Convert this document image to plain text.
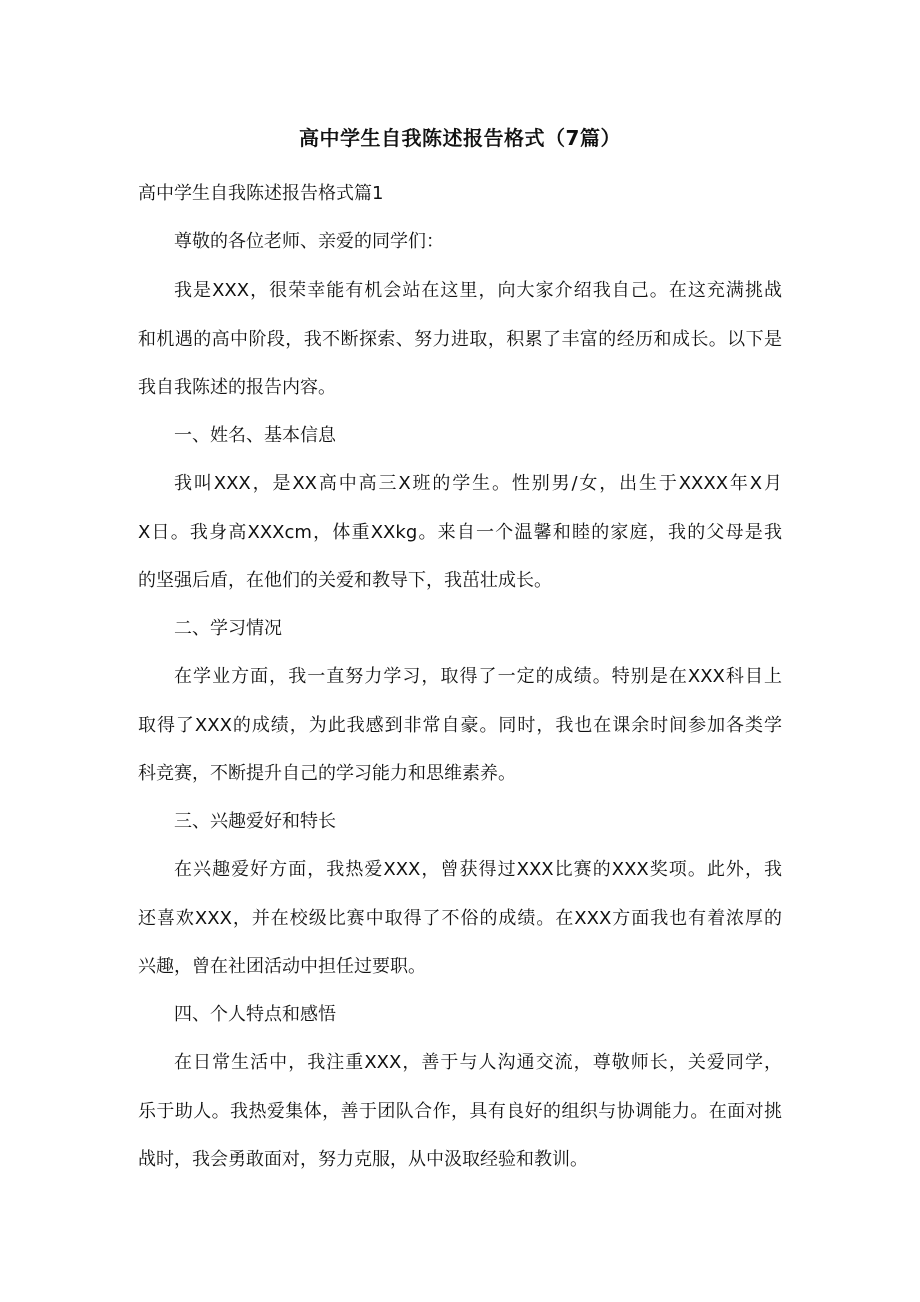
高中学生自我陈述报告格式（7篇）
高中学生自我陈述报告格式篇1
尊敬的各位老师、亲爱的同学们：
我是XXX，很荣幸能有机会站在这里，向大家介绍我自己。在这充满挑战
和机遇的高中阶段，我不断探索、努力进取，积累了丰富的经历和成长。以下是
我自我陈述的报告内容。
一、姓名、基本信息
我叫XXX，是XX高中高三X班的学生。性别男/女，出生于XXXX年X月
X日。我身高XXXcm，体重XXkg。来自一个温馨和睦的家庭，我的父母是我
的坚强后盾，在他们的关爱和教导下，我茁壮成长。
二、学习情况
在学业方面，我一直努力学习，取得了一定的成绩。特别是在XXX科目上
取得了XXX的成绩，为此我感到非常自豪。同时，我也在课余时间参加各类学
科竞赛，不断提升自己的学习能力和思维素养。
三、兴趣爱好和特长
在兴趣爱好方面，我热爱XXX，曾获得过XXX比赛的XXX奖项。此外，我
还喜欢XXX，并在校级比赛中取得了不俗的成绩。在XXX方面我也有着浓厚的
兴趣，曾在社团活动中担任过要职。
四、个人特点和感悟
在日常生活中，我注重XXX，善于与人沟通交流，尊敬师长，关爱同学，
乐于助人。我热爱集体，善于团队合作，具有良好的组织与协调能力。在面对挑
战时，我会勇敢面对，努力克服，从中汲取经验和教训。
